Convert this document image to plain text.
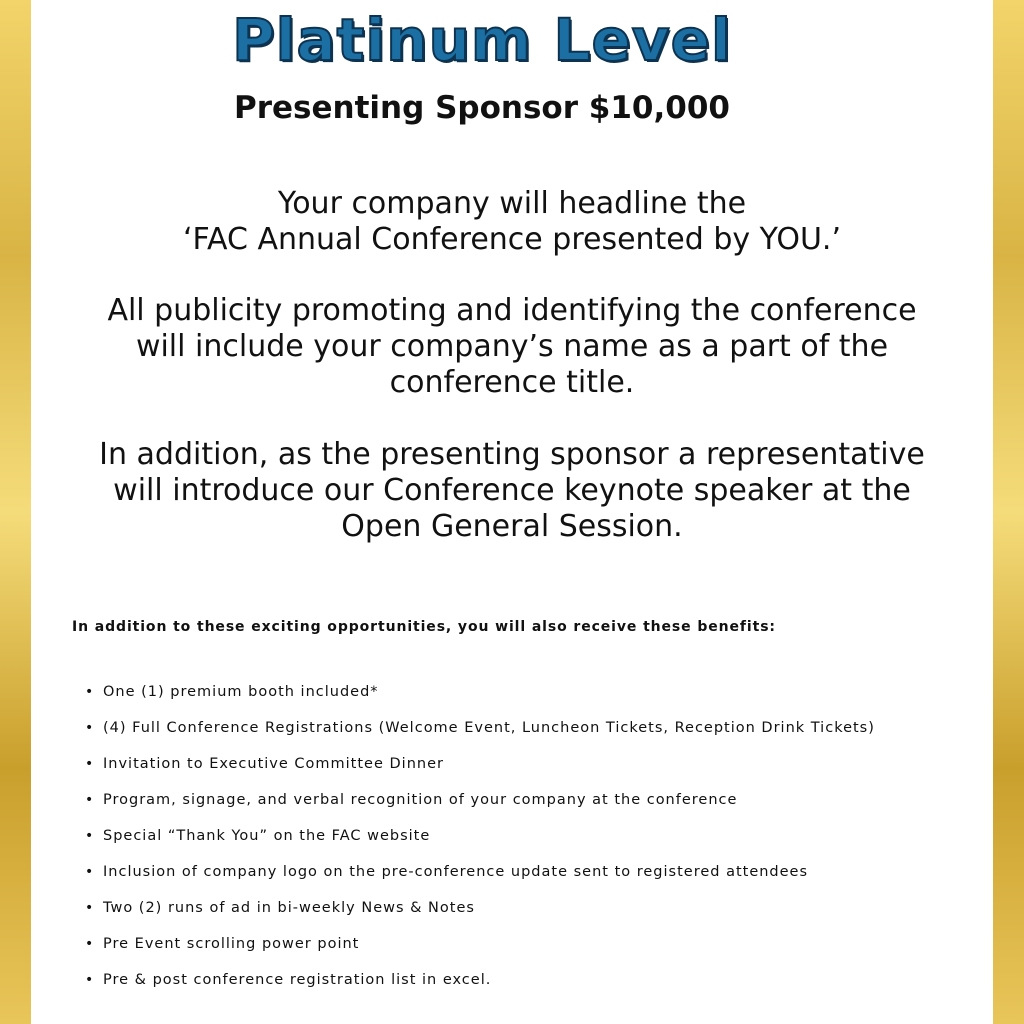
Platinum Level
Presenting Sponsor $10,000
Your company will headline the
‘FAC Annual Conference presented by YOU.’
All publicity promoting and identifying the conference
will include your company’s name as a part of the
conference title.
In addition, as the presenting sponsor a representative
will introduce our Conference keynote speaker at the
Open General Session.
In addition to these exciting opportunities, you will also receive these benefits:
• One (1) premium booth included*
• (4) Full Conference Registrations (Welcome Event, Luncheon Tickets, Reception Drink Tickets)
• Invitation to Executive Committee Dinner
• Program, signage, and verbal recognition of your company at the conference
• Special “Thank You” on the FAC website
• Inclusion of company logo on the pre-conference update sent to registered attendees
• Two (2) runs of ad in bi-weekly News & Notes
• Pre Event scrolling power point
• Pre & post conference registration list in excel.
